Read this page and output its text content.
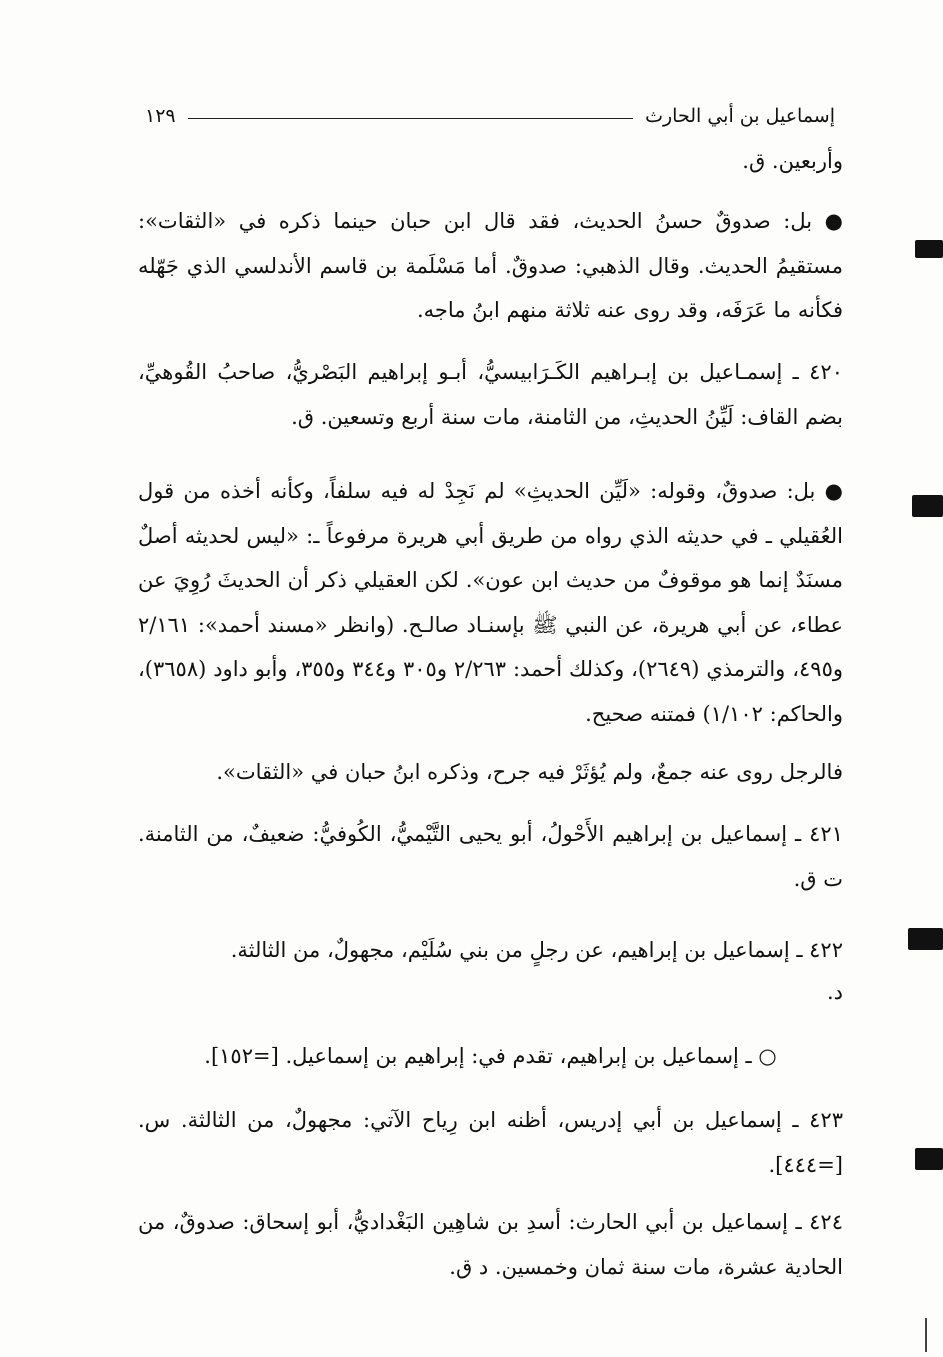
إسماعيل بن أبي الحارث
١٢٩
وأربعين. ق.
● بل: صدوقٌ حسنُ الحديث، فقد قال ابن حبان حينما ذكره في «الثقات»: مستقيمُ الحديث. وقال الذهبي: صدوقٌ. أما مَسْلَمة بن قاسم الأندلسي الذي جَهّله فكأنه ما عَرَفَه، وقد روى عنه ثلاثة منهم ابنُ ماجه.
٤٢٠ ـ إسمـاعيل بن إبـراهيم الكَـرَابيسيُّ، أبـو إبراهيم البَصْريُّ، صاحبُ القُوهيِّ، بضم القاف: لَيِّنُ الحديثِ، من الثامنة، مات سنة أربع وتسعين. ق.
● بل: صدوقٌ، وقوله: «لَيِّن الحديثِ» لم نَجِدْ له فيه سلفاً، وكأنه أخذه من قول العُقيلي ـ في حديثه الذي رواه من طريق أبي هريرة مرفوعاً ـ: «ليس لحديثه أصلٌ مسنَدٌ إنما هو موقوفٌ من حديث ابن عون». لكن العقيلي ذكر أن الحديثَ رُوِيَ عن عطاء، عن أبي هريرة، عن النبي ﷺ بإسنـاد صالـح. (وانظر «مسند أحمد»: ٢/١٦١ و٤٩٥، والترمذي (٢٦٤٩)، وكذلك أحمد: ٢/٢٦٣ و٣٠٥ و٣٤٤ و٣٥٥، وأبو داود (٣٦٥٨)، والحاكم: ١/١٠٢) فمتنه صحيح.
فالرجل روى عنه جمعٌ، ولم يُؤثَرْ فيه جرح، وذكره ابنُ حبان في «الثقات».
٤٢١ ـ إسماعيل بن إبراهيم الأَحْولُ، أبو يحيى التَّيْميُّ، الكُوفيُّ: ضعيفٌ، من الثامنة. ت ق.
٤٢٢ ـ إسماعيل بن إبراهيم، عن رجلٍ من بني سُلَيْم، مجهولٌ، من الثالثة.
د.
○ ـ إسماعيل بن إبراهيم، تقدم في: إبراهيم بن إسماعيل. [=١٥٢].
٤٢٣ ـ إسماعيل بن أبي إدريس، أظنه ابن رِياح الآتي: مجهولٌ، من الثالثة. س. [=٤٤٤].
٤٢٤ ـ إسماعيل بن أبي الحارث: أسدِ بن شاهِين البَغْداديُّ، أبو إسحاق: صدوقٌ، من الحادية عشرة، مات سنة ثمان وخمسين. د ق.
